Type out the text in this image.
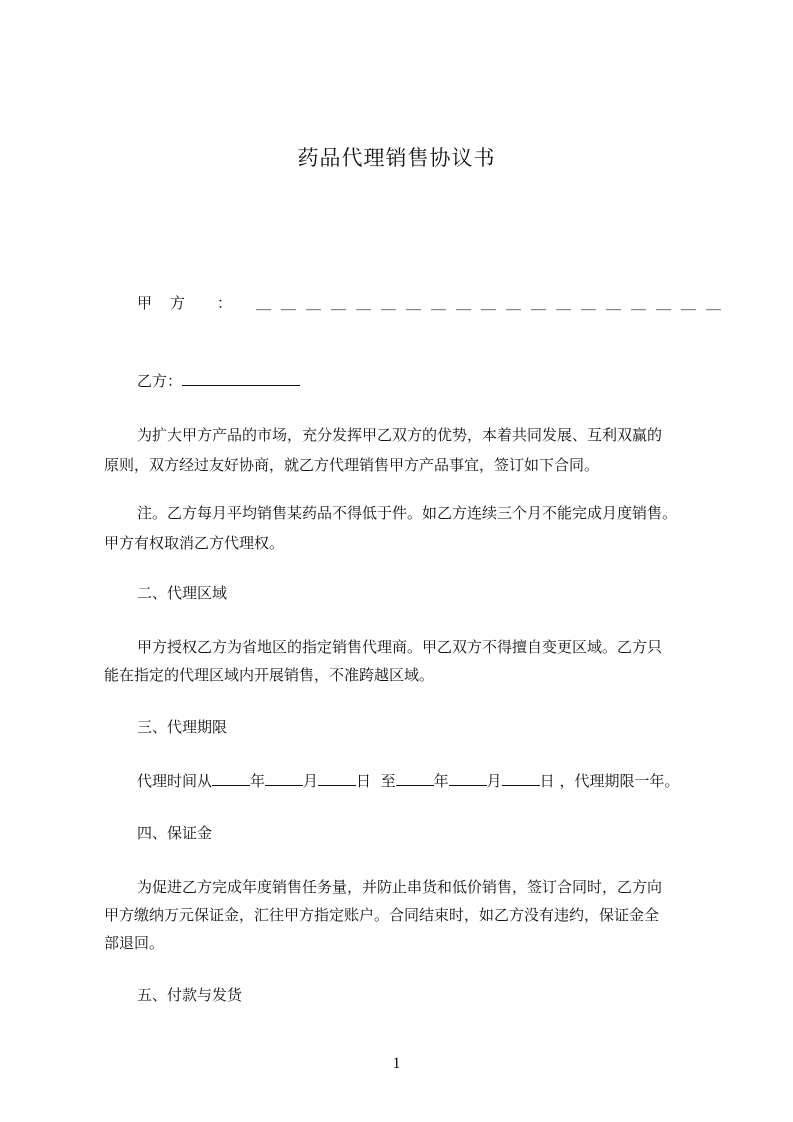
药品代理销售协议书
甲方 ： ＿＿＿＿＿＿＿＿＿＿＿＿＿＿＿＿＿＿＿
乙方：
为扩大甲方产品的市场，充分发挥甲乙双方的优势，本着共同发展、互利双赢的
原则，双方经过友好协商，就乙方代理销售甲方产品事宜，签订如下合同。
注。乙方每月平均销售某药品不得低于件。如乙方连续三个月不能完成月度销售。
甲方有权取消乙方代理权。
二、代理区域
甲方授权乙方为省地区的指定销售代理商。甲乙双方不得擅自变更区域。乙方只
能在指定的代理区域内开展销售，不准跨越区域。
三、代理期限
代理时间从	年	月	日 至	年	月	日 ，代理期限一年。
四、保证金
为促进乙方完成年度销售任务量，并防止串货和低价销售，签订合同时，乙方向
甲方缴纳万元保证金，汇往甲方指定账户。合同结束时，如乙方没有违约，保证金全
部退回。
五、付款与发货
1
